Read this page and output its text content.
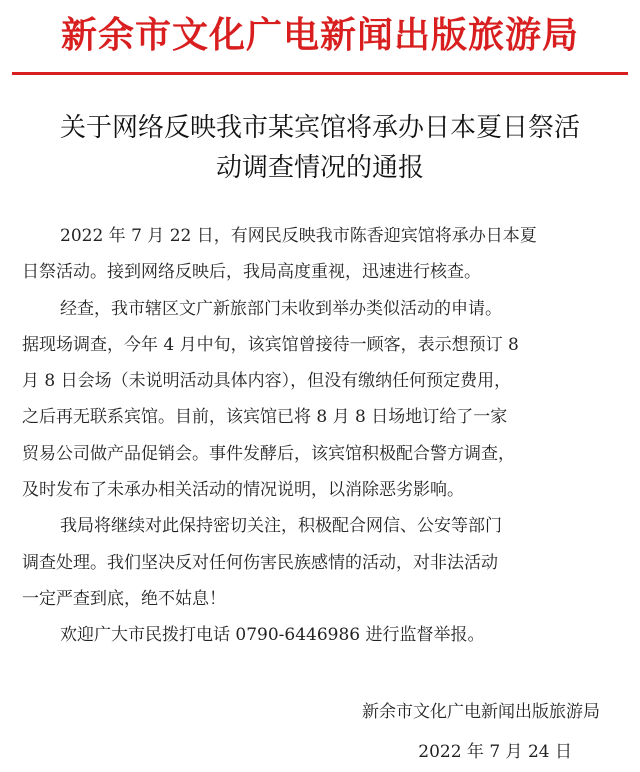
新余市文化广电新闻出版旅游局
关于网络反映我市某宾馆将承办日本夏日祭活
动调查情况的通报
2022 年 7 月 22 日，有网民反映我市陈香迎宾馆将承办日本夏
日祭活动。接到网络反映后，我局高度重视，迅速进行核查。
经查，我市辖区文广新旅部门未收到举办类似活动的申请。
据现场调查，今年 4 月中旬，该宾馆曾接待一顾客，表示想预订 8
月 8 日会场（未说明活动具体内容），但没有缴纳任何预定费用，
之后再无联系宾馆。目前，该宾馆已将 8 月 8 日场地订给了一家
贸易公司做产品促销会。事件发酵后，该宾馆积极配合警方调查，
及时发布了未承办相关活动的情况说明，以消除恶劣影响。
我局将继续对此保持密切关注，积极配合网信、公安等部门
调查处理。我们坚决反对任何伤害民族感情的活动，对非法活动
一定严查到底，绝不姑息！
欢迎广大市民拨打电话 0790-6446986 进行监督举报。
新余市文化广电新闻出版旅游局
2022 年 7 月 24 日
